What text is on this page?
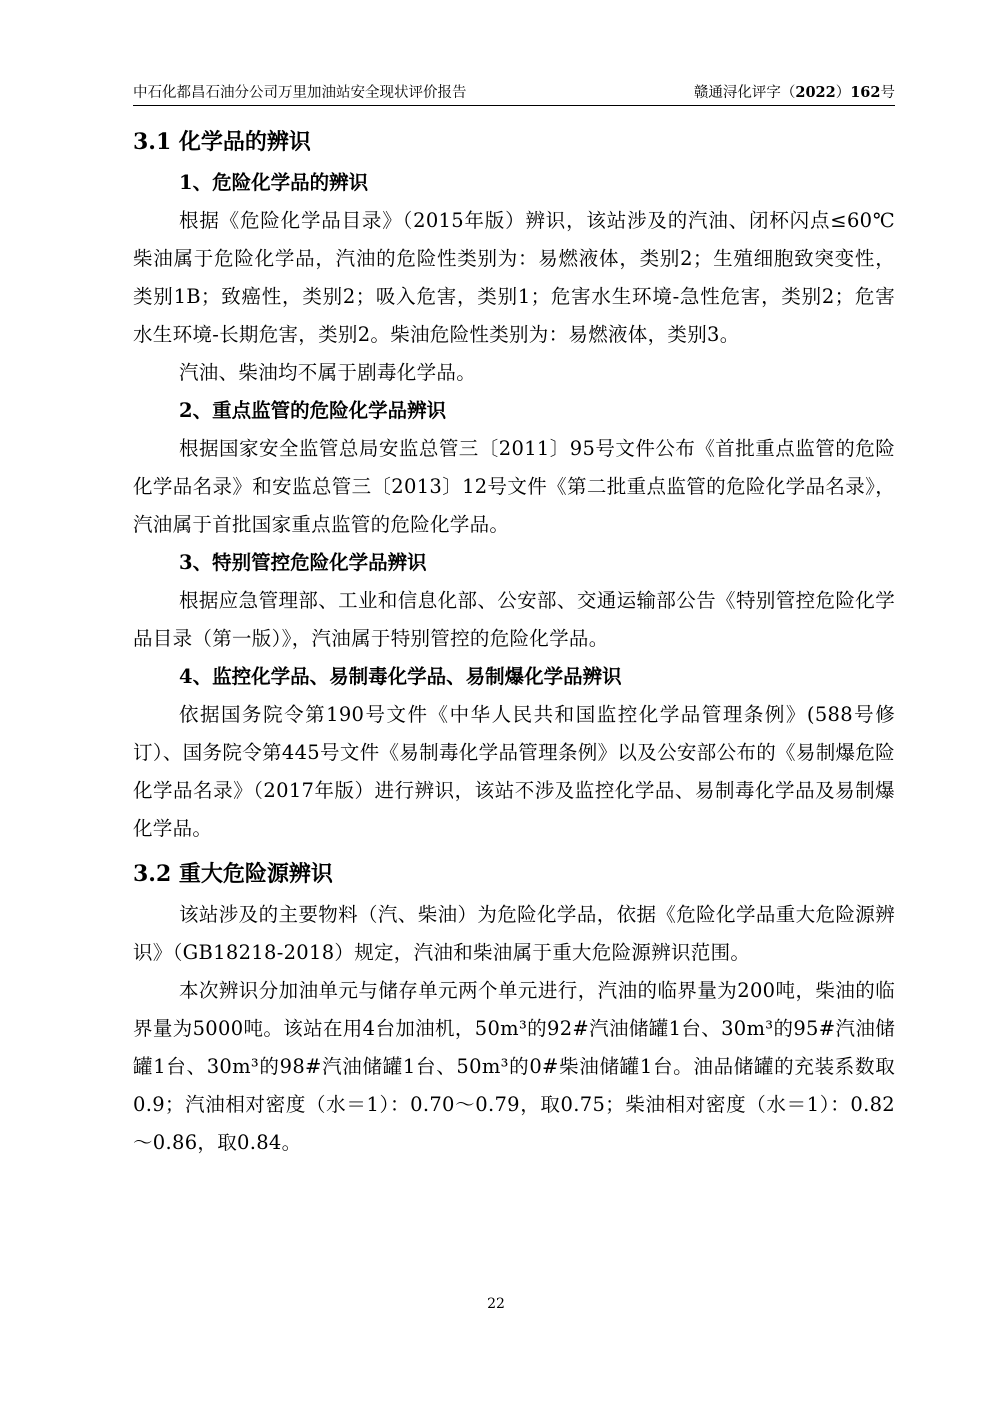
中石化都昌石油分公司万里加油站安全现状评价报告	赣通浔化评字（2022）162号
3.1 化学品的辨识
1、危险化学品的辨识

根据《危险化学品目录》（2015年版）辨识，该站涉及的汽油、闭杯闪点≤60℃柴油属于危险化学品，汽油的危险性类别为：易燃液体，类别2；生殖细胞致突变性，类别1B；致癌性，类别2；吸入危害，类别1；危害水生环境-急性危害，类别2；危害水生环境-长期危害，类别2。柴油危险性类别为：易燃液体，类别3。

汽油、柴油均不属于剧毒化学品。

2、重点监管的危险化学品辨识

根据国家安全监管总局安监总管三〔2011〕95号文件公布《首批重点监管的危险化学品名录》和安监总管三〔2013〕12号文件《第二批重点监管的危险化学品名录》，汽油属于首批国家重点监管的危险化学品。

3、特别管控危险化学品辨识

根据应急管理部、工业和信息化部、公安部、交通运输部公告《特别管控危险化学品目录（第一版）》，汽油属于特别管控的危险化学品。

4、监控化学品、易制毒化学品、易制爆化学品辨识

依据国务院令第190号文件《中华人民共和国监控化学品管理条例》(588号修订）、国务院令第445号文件《易制毒化学品管理条例》以及公安部公布的《易制爆危险化学品名录》（2017年版）进行辨识，该站不涉及监控化学品、易制毒化学品及易制爆化学品。

3.2 重大危险源辨识

该站涉及的主要物料（汽、柴油）为危险化学品，依据《危险化学品重大危险源辨识》（GB18218-2018）规定，汽油和柴油属于重大危险源辨识范围。

本次辨识分加油单元与储存单元两个单元进行，汽油的临界量为200吨，柴油的临界量为5000吨。该站在用4台加油机，50m³的92#汽油储罐1台、30m³的95#汽油储罐1台、30m³的98#汽油储罐1台、50m³的0#柴油储罐1台。油品储罐的充装系数取0.9；汽油相对密度（水＝1）：0.70～0.79，取0.75；柴油相对密度（水＝1）：0.82～0.86，取0.84。

22
